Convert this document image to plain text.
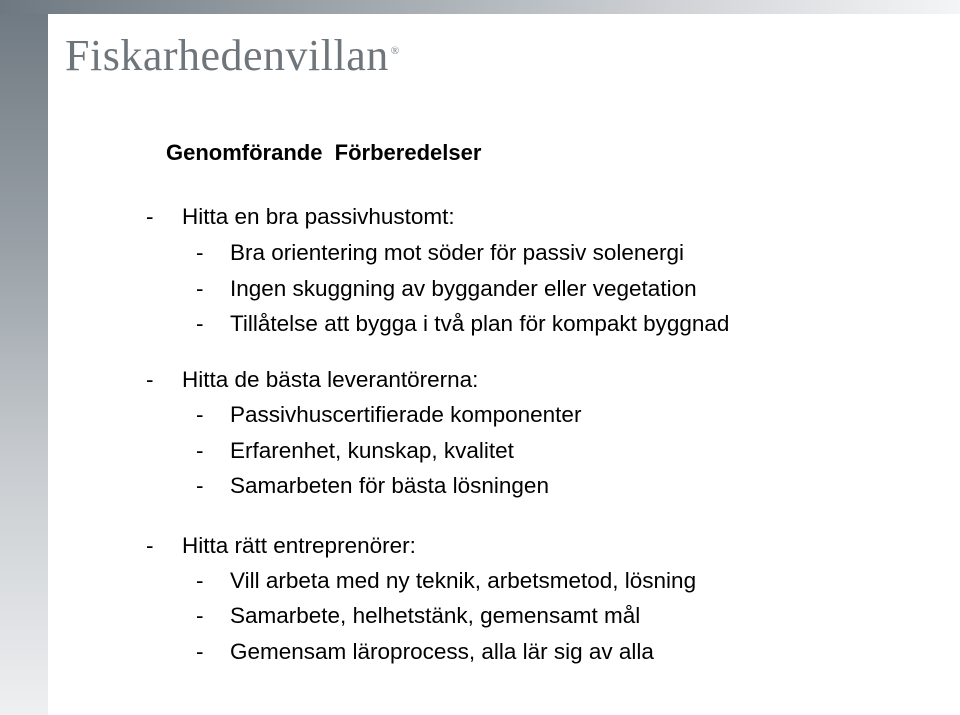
Fiskarhedenvillan ®
Genomförande  Förberedelser
- Hitta en bra passivhustomt:
- Bra orientering mot söder för passiv solenergi
- Ingen skuggning av byggander eller vegetation
- Tillåtelse att bygga i två plan för kompakt byggnad
- Hitta de bästa leverantörerna:
- Passivhuscertifierade komponenter
- Erfarenhet, kunskap, kvalitet
- Samarbeten för bästa lösningen
- Hitta rätt entreprenörer:
- Vill arbeta med ny teknik, arbetsmetod, lösning
- Samarbete, helhetstänk, gemensamt mål
- Gemensam läroprocess, alla lär sig av alla
